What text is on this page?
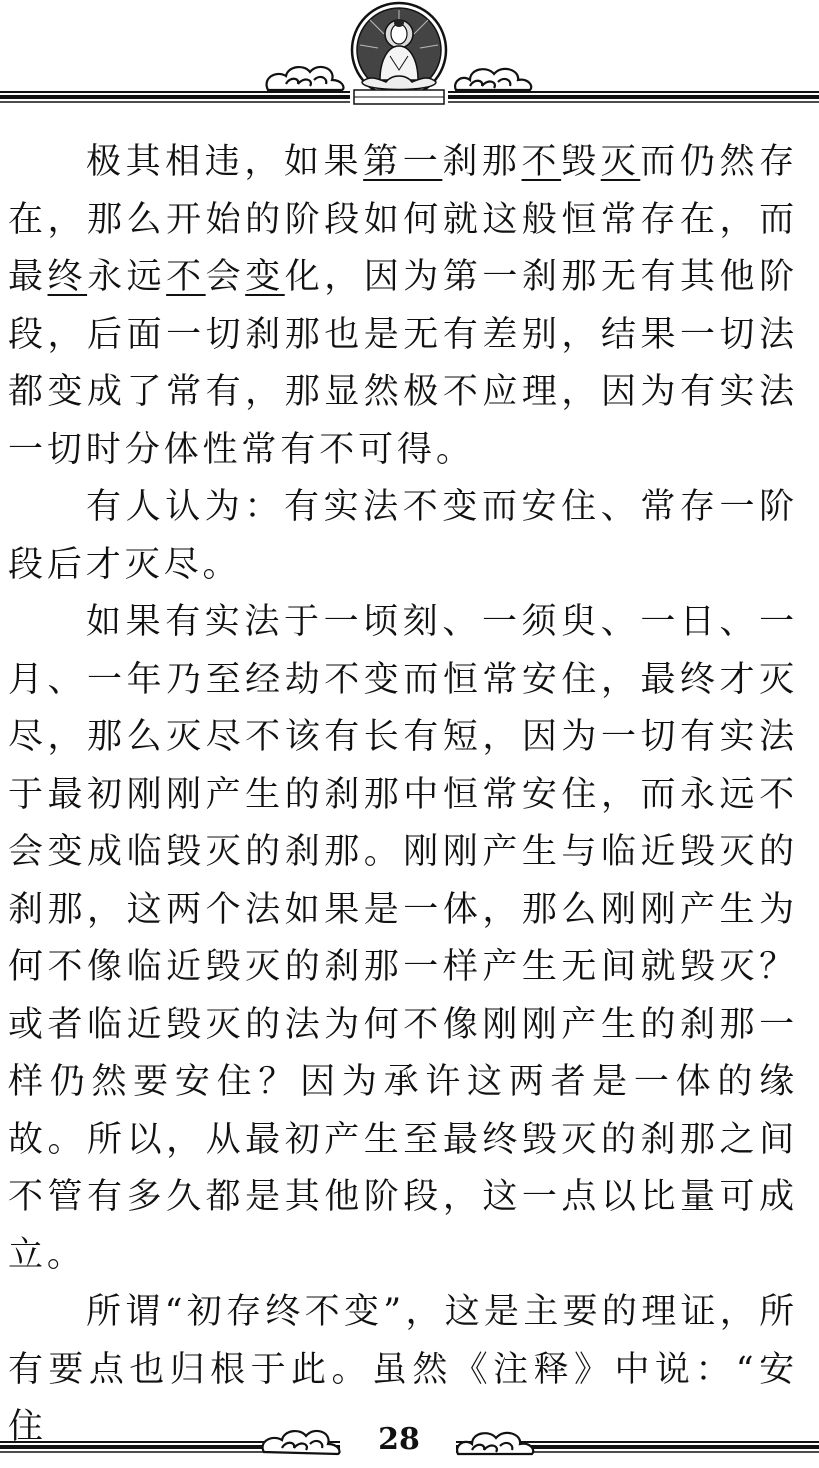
极其相违，如果第一刹那不毁灭而仍然存在，那么开始的阶段如何就这般恒常存在，而最终永远不会变化，因为第一刹那无有其他阶段，后面一切刹那也是无有差别，结果一切法都变成了常有，那显然极不应理，因为有实法一切时分体性常有不可得。

有人认为：有实法不变而安住、常存一阶段后才灭尽。

如果有实法于一顷刻、一须臾、一日、一月、一年乃至经劫不变而恒常安住，最终才灭尽，那么灭尽不该有长有短，因为一切有实法于最初刚刚产生的刹那中恒常安住，而永远不会变成临毁灭的刹那。刚刚产生与临近毁灭的刹那，这两个法如果是一体，那么刚刚产生为何不像临近毁灭的刹那一样产生无间就毁灭？或者临近毁灭的法为何不像刚刚产生的刹那一样仍然要安住？因为承许这两者是一体的缘故。所以，从最初产生至最终毁灭的刹那之间不管有多久都是其他阶段，这一点以比量可成立。

所谓“初存终不变”，这是主要的理证，所有要点也归根于此。虽然《注释》中说：“安住	28
